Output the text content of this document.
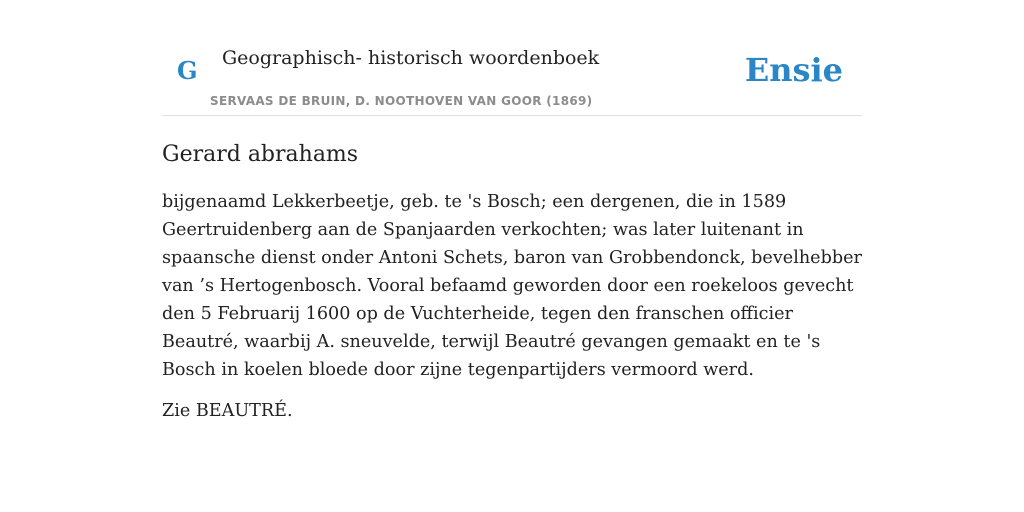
G Geographisch- historisch woordenboek
SERVAAS DE BRUIN, D. NOOTHOVEN VAN GOOR (1869)
Ensie
Gerard abrahams

bijgenaamd Lekkerbeetje, geb. te 's Bosch; een dergenen, die in 1589 Geertruidenberg aan de Spanjaarden verkochten; was later luitenant in spaansche dienst onder Antoni Schets, baron van Grobbendonck, bevelhebber van ’s Hertogenbosch. Vooral befaamd geworden door een roekeloos gevecht den 5 Februarij 1600 op de Vuchterheide, tegen den franschen officier Beautré, waarbij A. sneuvelde, terwijl Beautré gevangen gemaakt en te 's Bosch in koelen bloede door zijne tegenpartijders vermoord werd.

Zie BEAUTRÉ.
